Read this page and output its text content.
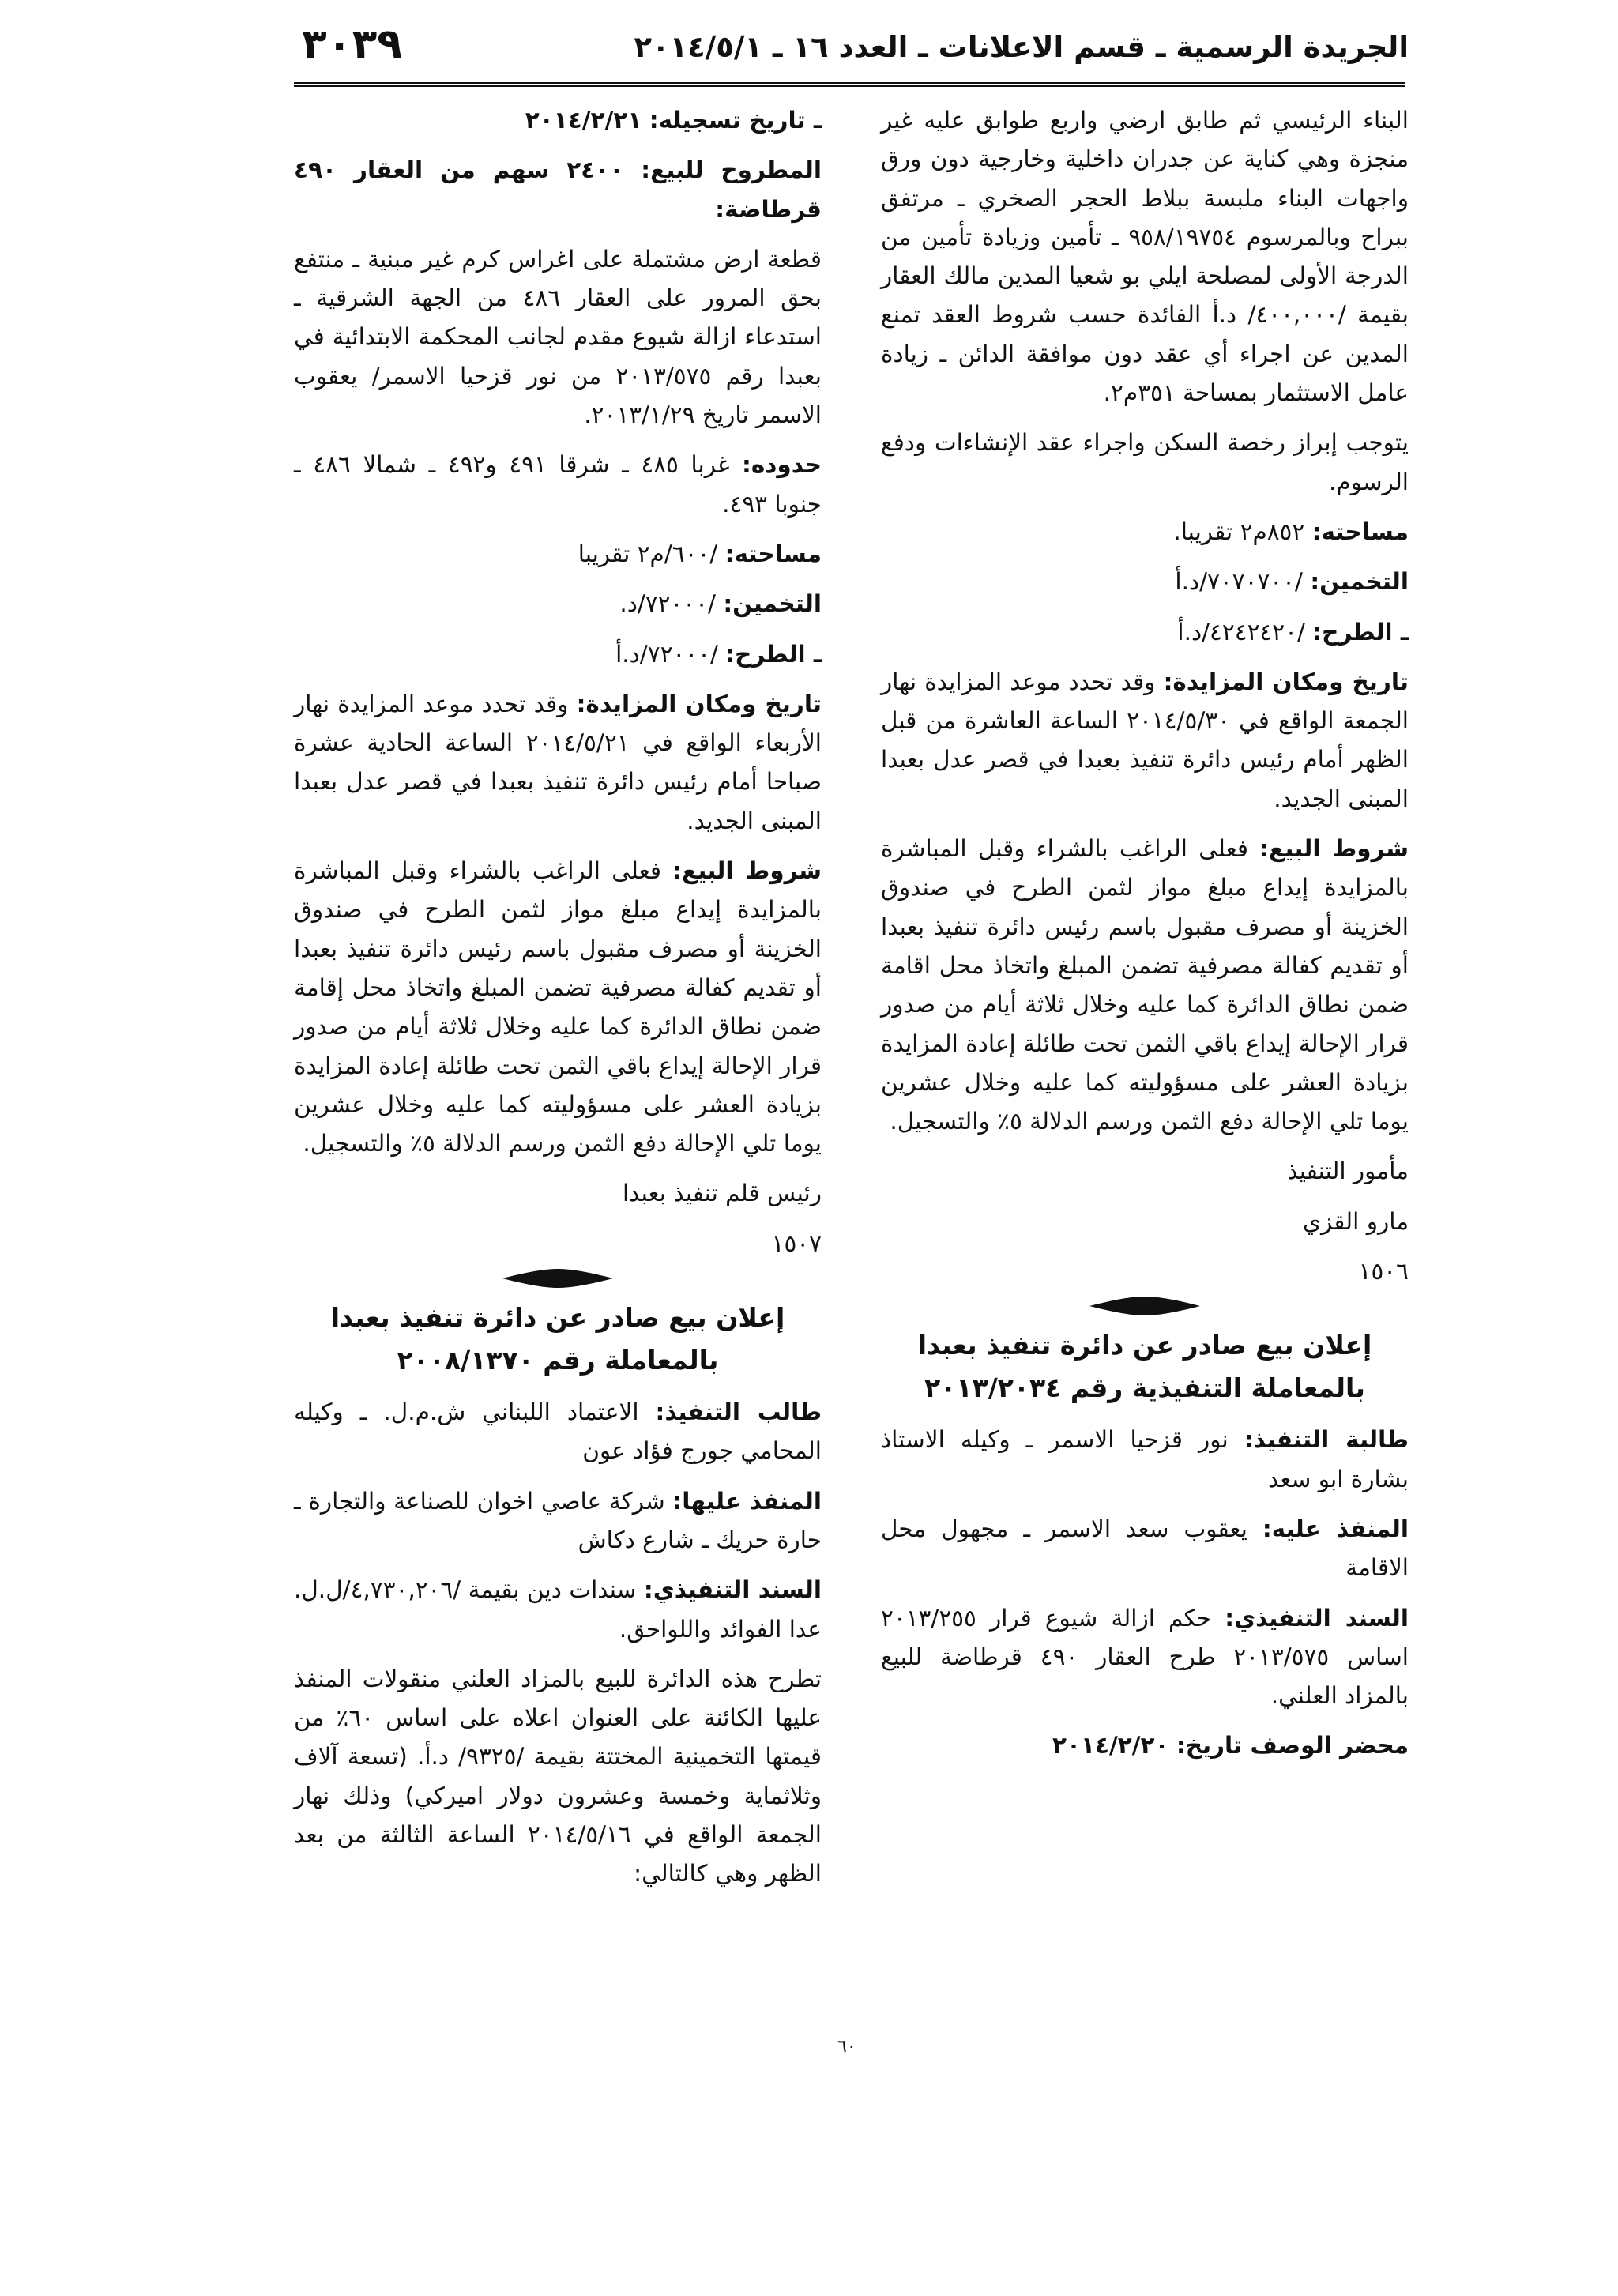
الجريدة الرسمية ـ قسم الاعلانات ـ العدد ١٦ ـ ٢٠١٤/٥/١
٣٠٣٩

البناء الرئيسي ثم طابق ارضي واربع طوابق عليه غير منجزة وهي كناية عن جدران داخلية وخارجية دون ورق واجهات البناء ملبسة ببلاط الحجر الصخري ـ مرتفق ببراح وبالمرسوم ٩٥٨/١٩٧٥٤ ـ تأمين وزيادة تأمين من الدرجة الأولى لمصلحة ايلي بو شعيا المدين مالك العقار بقيمة /٤٠٠,٠٠٠/ د.أ الفائدة حسب شروط العقد تمنع المدين عن اجراء أي عقد دون موافقة الدائن ـ زيادة عامل الاستثمار بمساحة ٣٥١م٢.

يتوجب إبراز رخصة السكن واجراء عقد الإنشاءات ودفع الرسوم.

مساحته: ٨٥٢م٢ تقريبا.

التخمين: /٧٠٧٠٧٠٠/د.أ

ـ الطرح: /٤٢٤٢٤٢٠/د.أ

تاريخ ومكان المزايدة: وقد تحدد موعد المزايدة نهار الجمعة الواقع في ٢٠١٤/٥/٣٠ الساعة العاشرة من قبل الظهر أمام رئيس دائرة تنفيذ بعبدا في قصر عدل بعبدا المبنى الجديد.

شروط البيع: فعلى الراغب بالشراء وقبل المباشرة بالمزايدة إيداع مبلغ مواز لثمن الطرح في صندوق الخزينة أو مصرف مقبول باسم رئيس دائرة تنفيذ بعبدا أو تقديم كفالة مصرفية تضمن المبلغ واتخاذ محل اقامة ضمن نطاق الدائرة كما عليه وخلال ثلاثة أيام من صدور قرار الإحالة إيداع باقي الثمن تحت طائلة إعادة المزايدة بزيادة العشر على مسؤوليته كما عليه وخلال عشرين يوما تلي الإحالة دفع الثمن ورسم الدلالة ٥٪ والتسجيل.

مأمور التنفيذ

مارو القزي

١٥٠٦

إعلان بيع صادر عن دائرة تنفيذ بعبدا بالمعاملة التنفيذية رقم ٢٠١٣/٢٠٣٤

طالبة التنفيذ: نور قزحيا الاسمر ـ وكيله الاستاذ بشارة ابو سعد

المنفذ عليه: يعقوب سعد الاسمر ـ مجهول محل الاقامة

السند التنفيذي: حكم ازالة شيوع قرار ٢٠١٣/٢٥٥ اساس ٢٠١٣/٥٧٥ طرح العقار ٤٩٠ قرطاضة للبيع بالمزاد العلني.

محضر الوصف تاريخ: ٢٠١٤/٢/٢٠

ـ تاريخ تسجيله: ٢٠١٤/٢/٢١

المطروح للبيع: ٢٤٠٠ سهم من العقار ٤٩٠ قرطاضة:

قطعة ارض مشتملة على اغراس كرم غير مبنية ـ منتفع بحق المرور على العقار ٤٨٦ من الجهة الشرقية ـ استدعاء ازالة شيوع مقدم لجانب المحكمة الابتدائية في بعبدا رقم ٢٠١٣/٥٧٥ من نور قزحيا الاسمر/ يعقوب الاسمر تاريخ ٢٠١٣/١/٢٩.

حدوده: غربا ٤٨٥ ـ شرقا ٤٩١ و٤٩٢ ـ شمالا ٤٨٦ ـ جنوبا ٤٩٣.

مساحته: /٦٠٠/م٢ تقريبا

التخمين: /٧٢٠٠٠/د.

ـ الطرح: /٧٢٠٠٠/د.أ

تاريخ ومكان المزايدة: وقد تحدد موعد المزايدة نهار الأربعاء الواقع في ٢٠١٤/٥/٢١ الساعة الحادية عشرة صباحا أمام رئيس دائرة تنفيذ بعبدا في قصر عدل بعبدا المبنى الجديد.

شروط البيع: فعلى الراغب بالشراء وقبل المباشرة بالمزايدة إيداع مبلغ مواز لثمن الطرح في صندوق الخزينة أو مصرف مقبول باسم رئيس دائرة تنفيذ بعبدا أو تقديم كفالة مصرفية تضمن المبلغ واتخاذ محل إقامة ضمن نطاق الدائرة كما عليه وخلال ثلاثة أيام من صدور قرار الإحالة إيداع باقي الثمن تحت طائلة إعادة المزايدة بزيادة العشر على مسؤوليته كما عليه وخلال عشرين يوما تلي الإحالة دفع الثمن ورسم الدلالة ٥٪ والتسجيل.

رئيس قلم تنفيذ بعبدا

١٥٠٧

إعلان بيع صادر عن دائرة تنفيذ بعبدا بالمعاملة رقم ٢٠٠٨/١٣٧٠

طالب التنفيذ: الاعتماد اللبناني ش.م.ل. ـ وكيله المحامي جورج فؤاد عون

المنفذ عليها: شركة عاصي اخوان للصناعة والتجارة ـ حارة حريك ـ شارع دكاش

السند التنفيذي: سندات دين بقيمة /٤,٧٣٠,٢٠٦/ل.ل. عدا الفوائد واللواحق.

تطرح هذه الدائرة للبيع بالمزاد العلني منقولات المنفذ عليها الكائنة على العنوان اعلاه على اساس ٦٠٪ من قيمتها التخمينية المختتة بقيمة /٩٣٢٥/ د.أ. (تسعة آلاف وثلاثماية وخمسة وعشرون دولار اميركي) وذلك نهار الجمعة الواقع في ٢٠١٤/٥/١٦ الساعة الثالثة من بعد الظهر وهي كالتالي:

٦٠
